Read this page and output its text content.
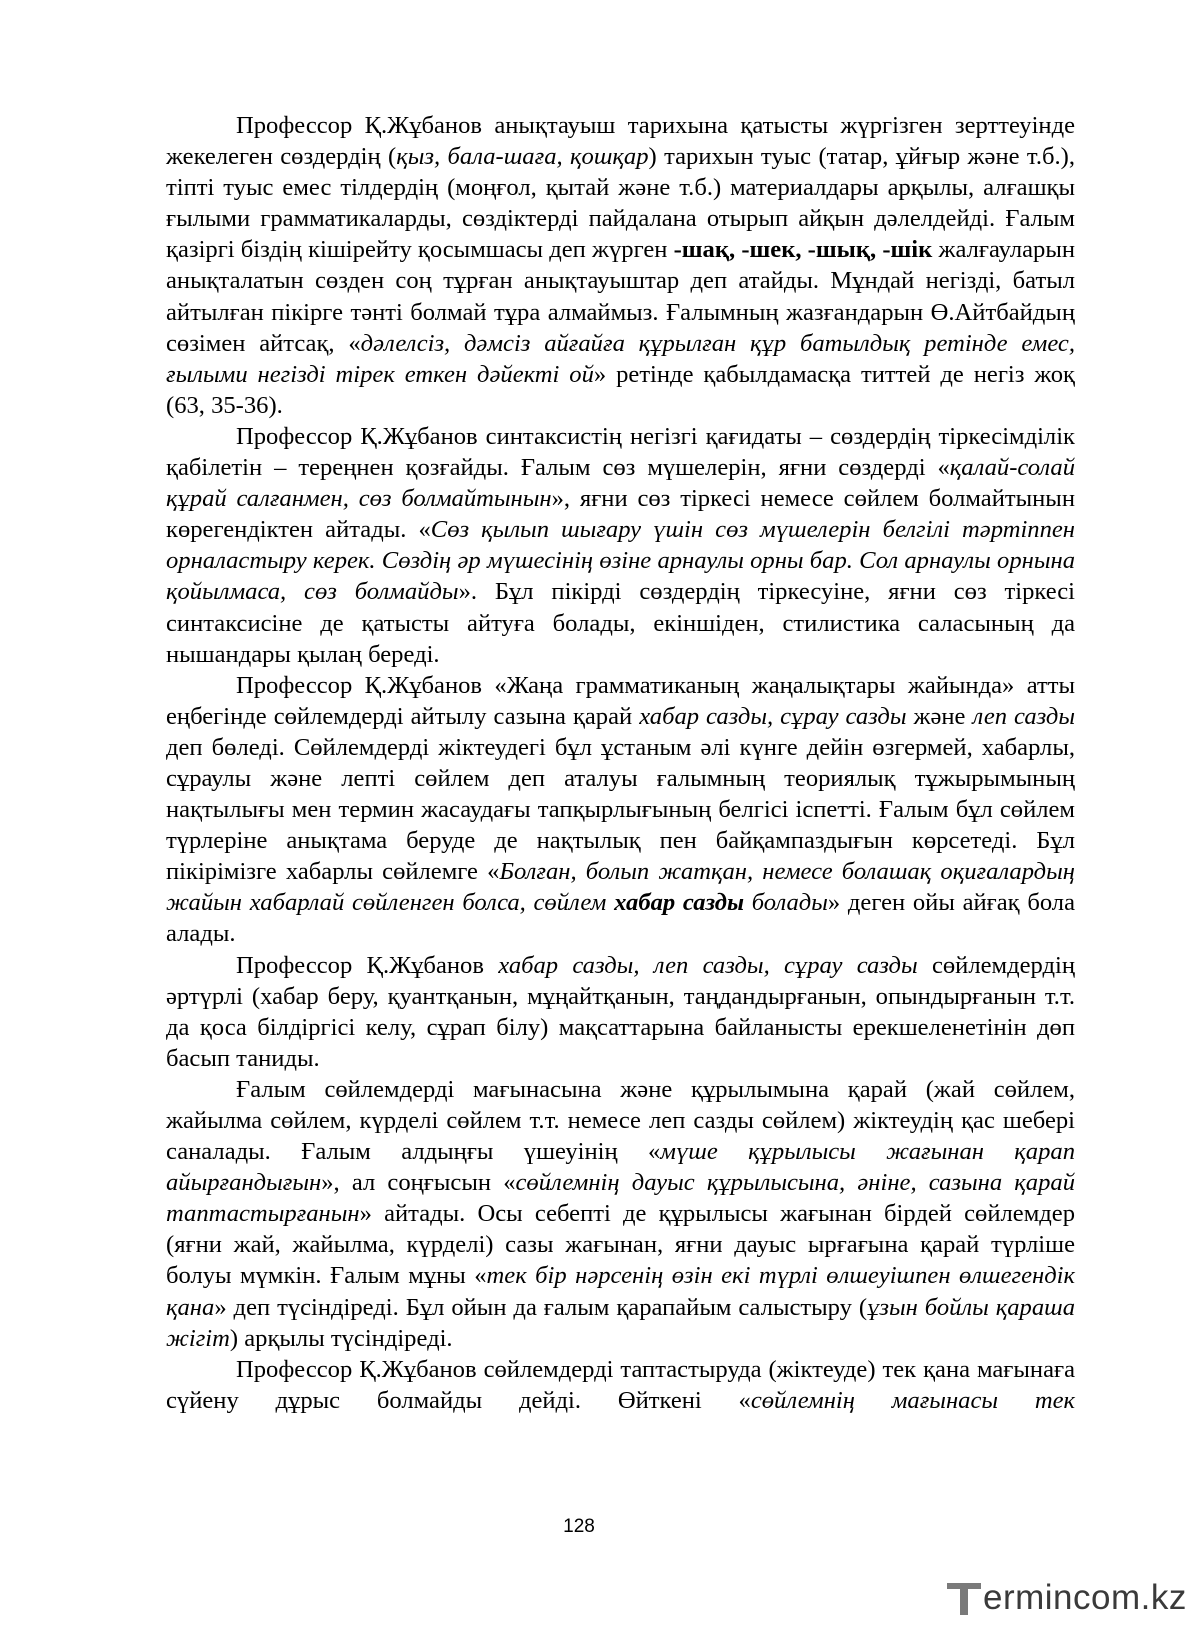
Профессор Қ.Жұбанов анықтауыш тарихына қатысты жүргізген зерттеуінде жекелеген сөздердің (қыз, бала-шаға, қошқар) тарихын туыс (татар, ұйғыр және т.б.), тіпті туыс емес тілдердің (моңғол, қытай және т.б.) материалдары арқылы, алғашқы ғылыми грамматикаларды, сөздіктерді пайдалана отырып айқын дәлелдейді. Ғалым қазіргі біздің кішірейту қосымшасы деп жүрген -шақ, -шек, -шық, -шік жалғауларын анықталатын сөзден соң тұрған анықтауыштар деп атайды. Мұндай негізді, батыл айтылған пікірге тәнті болмай тұра алмаймыз. Ғалымның жазғандарын Ө.Айтбайдың сөзімен айтсақ, «дәлелсіз, дәмсіз айғайға құрылған құр батылдық ретінде емес, ғылыми негізді тірек еткен дәйекті ой» ретінде қабылдамасқа титтей де негіз жоқ (63, 35-36).

Профессор Қ.Жұбанов синтаксистің негізгі қағидаты – сөздердің тіркесімділік қабілетін – тереңнен қозғайды. Ғалым сөз мүшелерін, яғни сөздерді «қалай-солай құрай салғанмен, сөз болмайтынын», яғни сөз тіркесі немесе сөйлем болмайтынын көрегендіктен айтады. «Сөз қылып шығару үшін сөз мүшелерін белгілі тәртіппен орналастыру керек. Сөздің әр мүшесінің өзіне арнаулы орны бар. Сол арнаулы орнына қойылмаса, сөз болмайды». Бұл пікірді сөздердің тіркесуіне, яғни сөз тіркесі синтаксисіне де қатысты айтуға болады, екіншіден, стилистика саласының да нышандары қылаң береді.

Профессор Қ.Жұбанов «Жаңа грамматиканың жаңалықтары жайында» атты еңбегінде сөйлемдерді айтылу сазына қарай хабар сазды, сұрау сазды және леп сазды деп бөледі. Сөйлемдерді жіктеудегі бұл ұстаным әлі күнге дейін өзгермей, хабарлы, сұраулы және лепті сөйлем деп аталуы ғалымның теориялық тұжырымының нақтылығы мен термин жасаудағы тапқырлығының белгісі іспетті. Ғалым бұл сөйлем түрлеріне анықтама беруде де нақтылық пен байқампаздығын көрсетеді. Бұл пікірімізге хабарлы сөйлемге «Болған, болып жатқан, немесе болашақ оқиғалардың жайын хабарлай сөйленген болса, сөйлем хабар сазды болады» деген ойы айғақ бола алады.

Профессор Қ.Жұбанов хабар сазды, леп сазды, сұрау сазды сөйлемдердің әртүрлі (хабар беру, қуантқанын, мұңайтқанын, таңдандырғанын, опындырғанын т.т. да қоса білдіргісі келу, сұрап білу) мақсаттарына байланысты ерекшеленетінін дөп басып таниды.

Ғалым сөйлемдерді мағынасына және құрылымына қарай (жай сөйлем, жайылма сөйлем, күрделі сөйлем т.т. немесе леп сазды сөйлем) жіктеудің қас шебері саналады. Ғалым алдыңғы үшеуінің «мүше құрылысы жағынан қарап айырғандығын», ал соңғысын «сөйлемнің дауыс құрылысына, әніне, сазына қарай таптастырғанын» айтады. Осы себепті де құрылысы жағынан бірдей сөйлемдер (яғни жай, жайылма, күрделі) сазы жағынан, яғни дауыс ырғағына қарай түрліше болуы мүмкін. Ғалым мұны «тек бір нәрсенің өзін екі түрлі өлшеуішпен өлшегендік қана» деп түсіндіреді. Бұл ойын да ғалым қарапайым салыстыру (ұзын бойлы қараша жігіт) арқылы түсіндіреді.

Профессор Қ.Жұбанов сөйлемдерді таптастыруда (жіктеуде) тек қана мағынаға сүйену дұрыс болмайды дейді. Өйткені «сөйлемнің мағынасы тек

128
ermincо m.kz
